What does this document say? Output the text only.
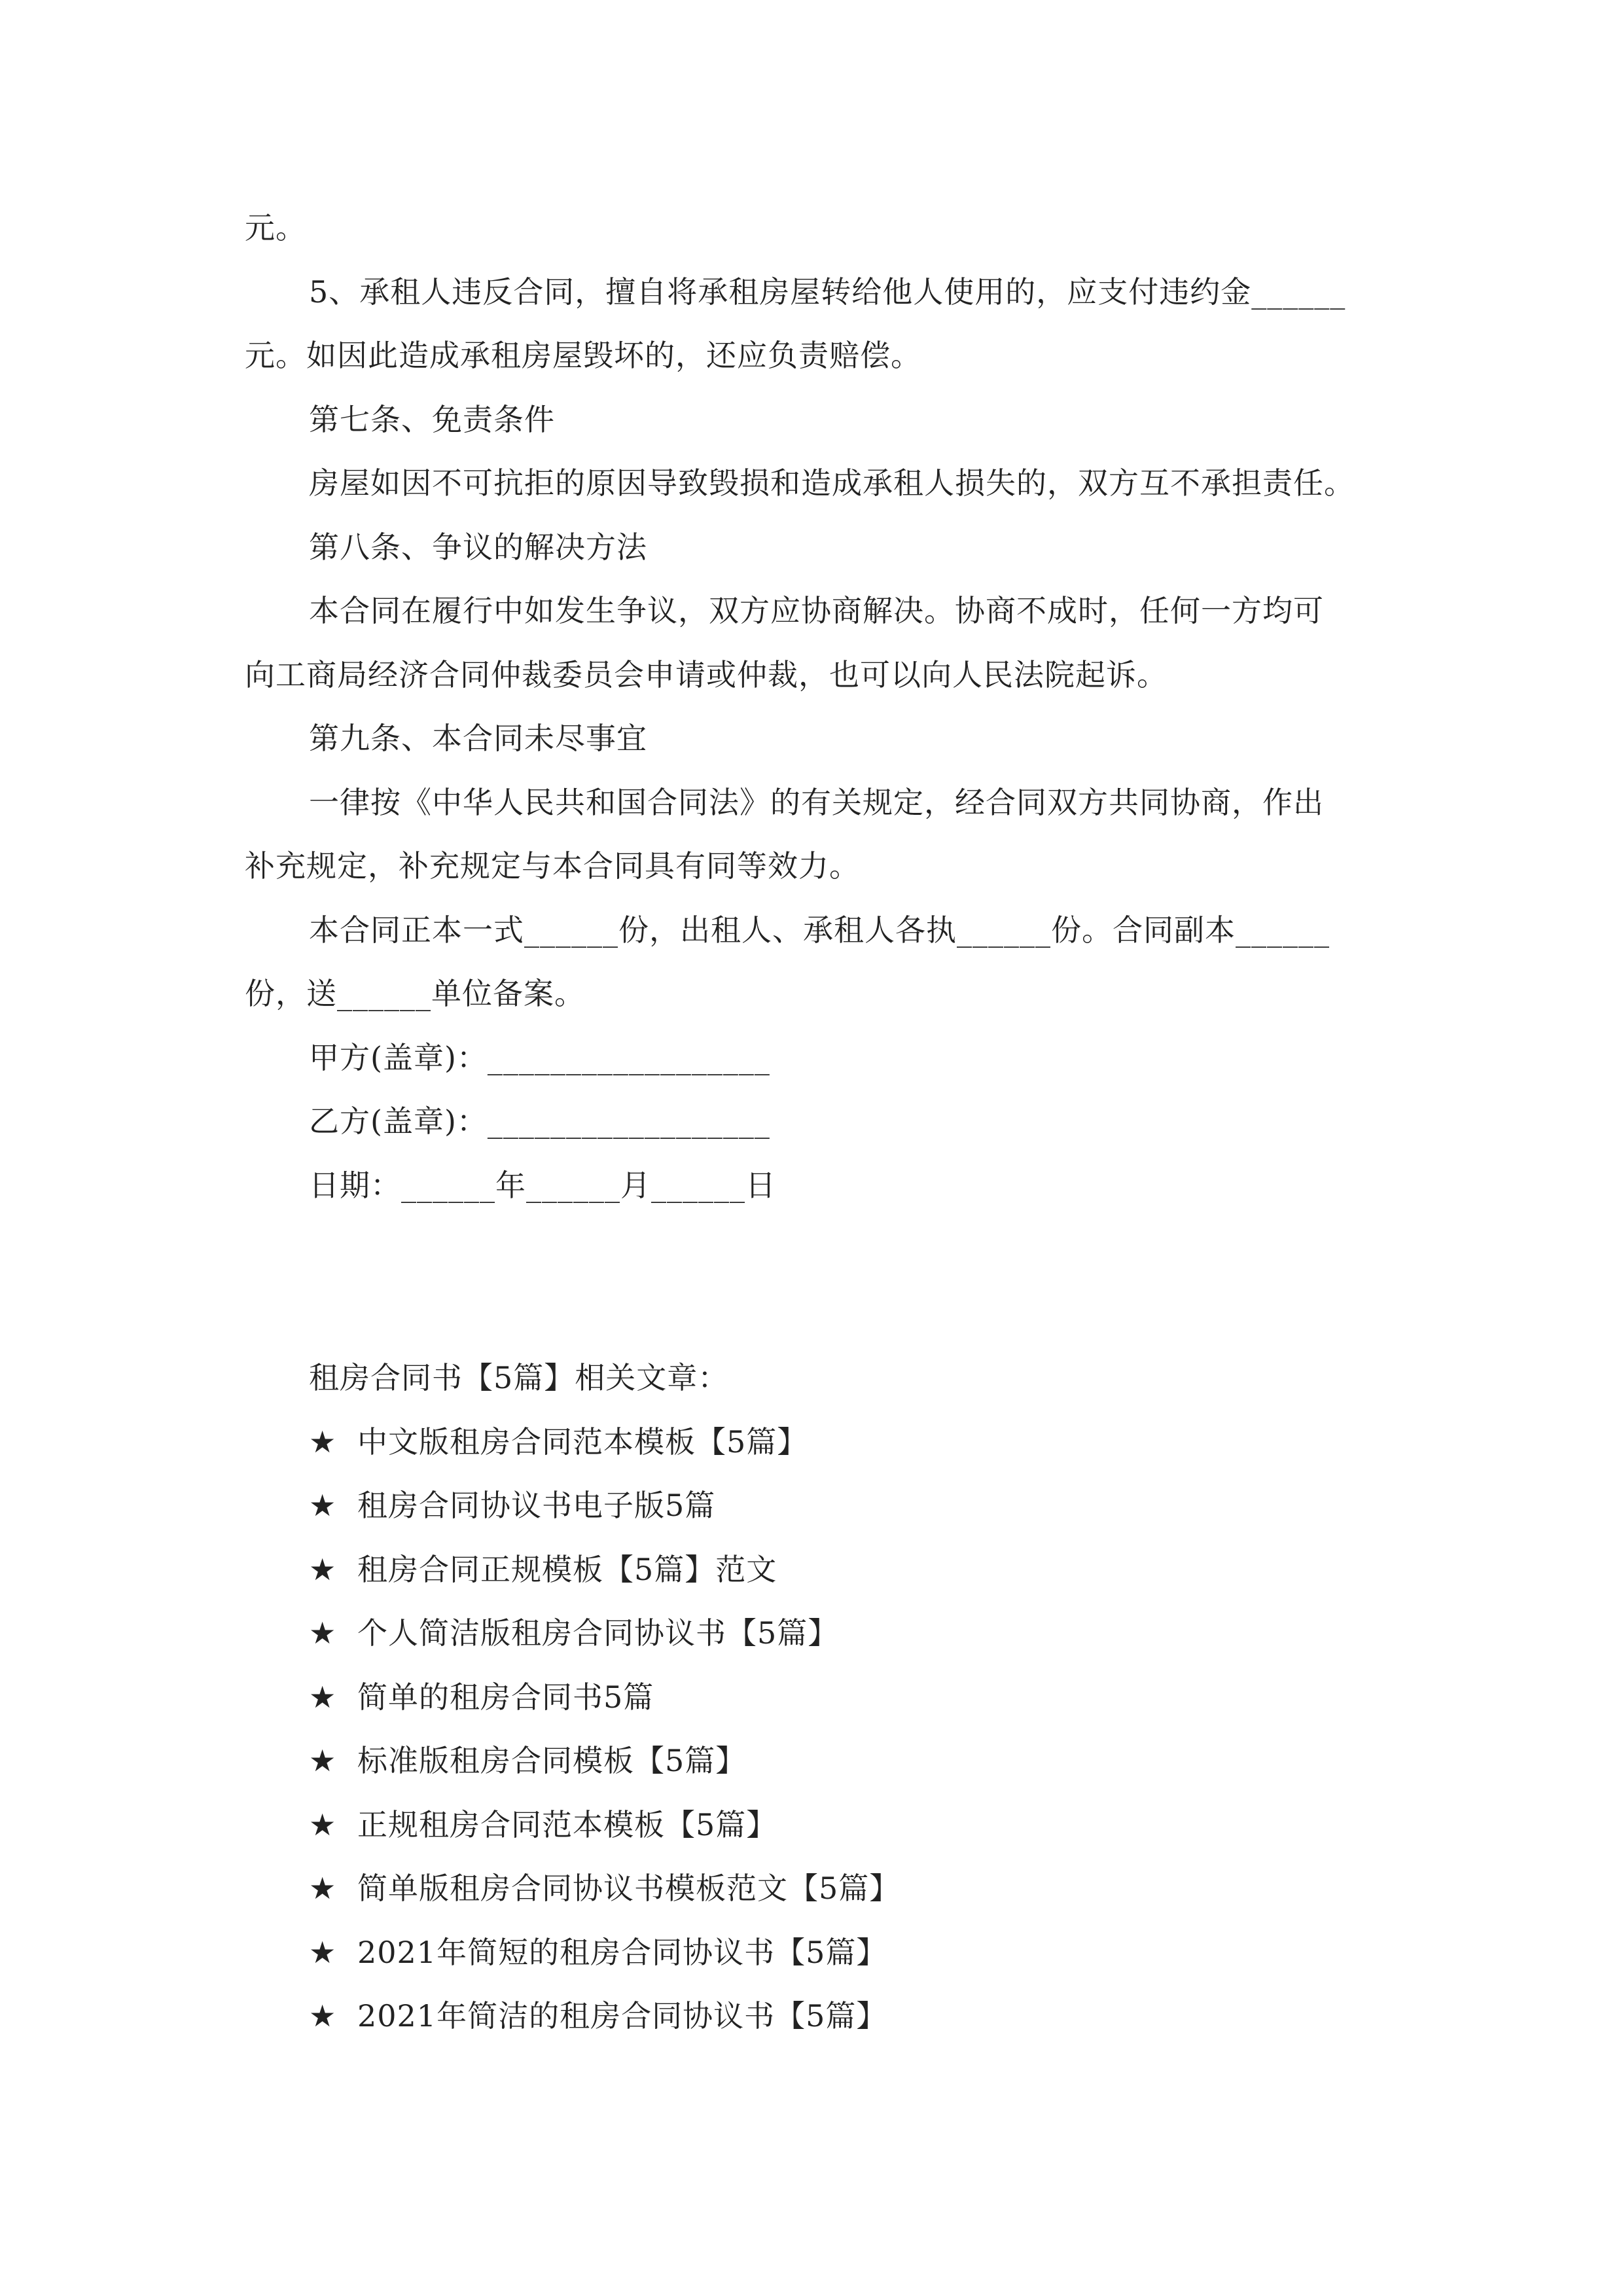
元。
5、承租人违反合同，擅自将承租房屋转给他人使用的，应支付违约金______
元。如因此造成承租房屋毁坏的，还应负责赔偿。
第七条、免责条件
房屋如因不可抗拒的原因导致毁损和造成承租人损失的，双方互不承担责任。
第八条、争议的解决方法
本合同在履行中如发生争议，双方应协商解决。协商不成时，任何一方均可
向工商局经济合同仲裁委员会申请或仲裁，也可以向人民法院起诉。
第九条、本合同未尽事宜
一律按《中华人民共和国合同法》的有关规定，经合同双方共同协商，作出
补充规定，补充规定与本合同具有同等效力。
本合同正本一式______份，出租人、承租人各执______份。合同副本______
份，送______单位备案。
甲方(盖章)：__________________
乙方(盖章)：__________________
日期：______年______月______日
租房合同书【5篇】相关文章：
★ 中文版租房合同范本模板【5篇】
★ 租房合同协议书电子版5篇
★ 租房合同正规模板【5篇】范文
★ 个人简洁版租房合同协议书【5篇】
★ 简单的租房合同书5篇
★ 标准版租房合同模板【5篇】
★ 正规租房合同范本模板【5篇】
★ 简单版租房合同协议书模板范文【5篇】
★ 2021年简短的租房合同协议书【5篇】
★ 2021年简洁的租房合同协议书【5篇】
